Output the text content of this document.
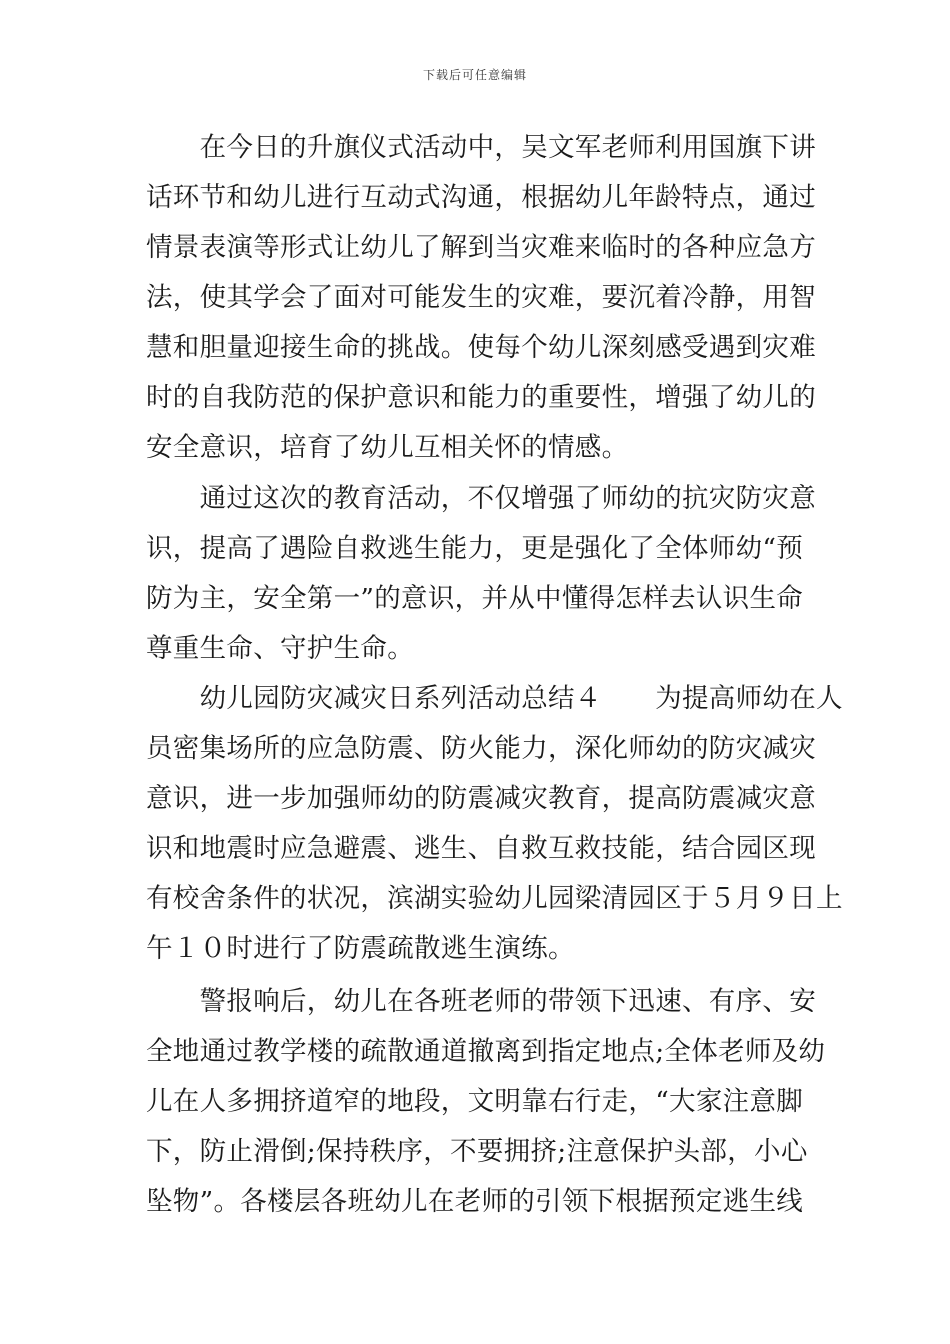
下载后可任意编辑
　　在今日的升旗仪式活动中，吴文军老师利用国旗下讲
话环节和幼儿进行互动式沟通，根据幼儿年龄特点，通过
情景表演等形式让幼儿了解到当灾难来临时的各种应急方
法，使其学会了面对可能发生的灾难，要沉着冷静，用智
慧和胆量迎接生命的挑战。使每个幼儿深刻感受遇到灾难
时的自我防范的保护意识和能力的重要性，增强了幼儿的
安全意识，培育了幼儿互相关怀的情感。
　　通过这次的教育活动，不仅增强了师幼的抗灾防灾意
识，提高了遇险自救逃生能力，更是强化了全体师幼“预
防为主，安全第一”的意识，并从中懂得怎样去认识生命
尊重生命、守护生命。
　　幼儿园防灾减灾日系列活动总结４　　为提高师幼在人
员密集场所的应急防震、防火能力，深化师幼的防灾减灾
意识，进一步加强师幼的防震减灾教育，提高防震减灾意
识和地震时应急避震、逃生、自救互救技能，结合园区现
有校舍条件的状况，滨湖实验幼儿园梁清园区于５月９日上
午１０时进行了防震疏散逃生演练。
　　警报响后，幼儿在各班老师的带领下迅速、有序、安
全地通过教学楼的疏散通道撤离到指定地点;全体老师及幼
儿在人多拥挤道窄的地段，文明靠右行走，“大家注意脚
下，防止滑倒;保持秩序，不要拥挤;注意保护头部，小心
坠物”。各楼层各班幼儿在老师的引领下根据预定逃生线
